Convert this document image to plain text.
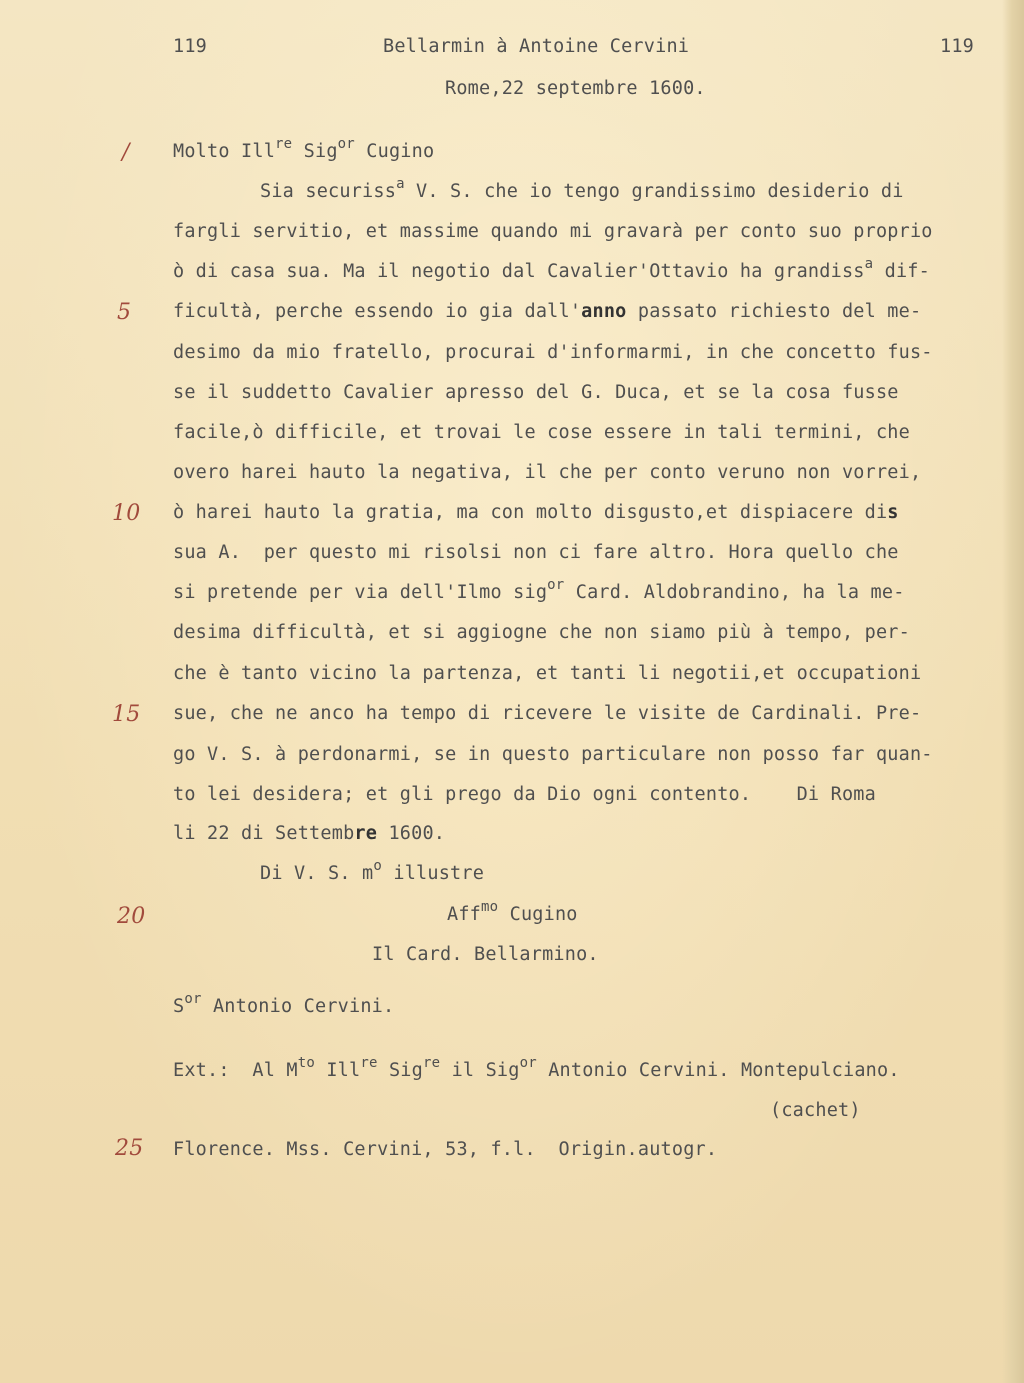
119	Bellarmin à Antoine Cervini	119
Rome,22 septembre 1600.
/
5
10
15
20
25
Molto Ill$^{re}$ Sig$^{or}$ Cugino
Sia securiss$^a$ V. S. che io tengo grandissimo desiderio di
fargli servitio, et massime quando mi gravarà per conto suo proprio
ò di casa sua. Ma il negotio dal Cavalier'Ottavio ha grandiss$^a$ dif-
ficultà, perche essendo io gia dall'anno passato richiesto del me-
desimo da mio fratello, procurai d'informarmi, in che concetto fus-
se il suddetto Cavalier apresso del G. Duca, et se la cosa fusse
facile,ò difficile, et trovai le cose essere in tali termini, che
overo harei hauto la negativa, il che per conto veruno non vorrei,
ò harei hauto la gratia, ma con molto disgusto,et dispiacere dis
sua A.  per questo mi risolsi non ci fare altro. Hora quello che
si pretende per via dell'Ilmo sig$^{or}$ Card. Aldobrandino, ha la me-
desima difficultà, et si aggiogne che non siamo più à tempo, per-
che è tanto vicino la partenza, et tanti li negotii,et occupationi
sue, che ne anco ha tempo di ricevere le visite de Cardinali. Pre-
go V. S. à perdonarmi, se in questo particulare non posso far quan-
to lei desidera; et gli prego da Dio ogni contento.    Di Roma
li 22 di Settembre 1600.
Di V. S. $m^o$ illustre
Aff$^{mo}$ Cugino
Il Card. Bellarmino.
$S^{or}$ Antonio Cervini.
Ext.:  Al $M^{to}$ Ill$^{re}$ Sig$^{re}$ il Sig$^{or}$ Antonio Cervini. Montepulciano.
(cachet)
Florence. Mss. Cervini, 53, f.l.  Origin.autogr.
